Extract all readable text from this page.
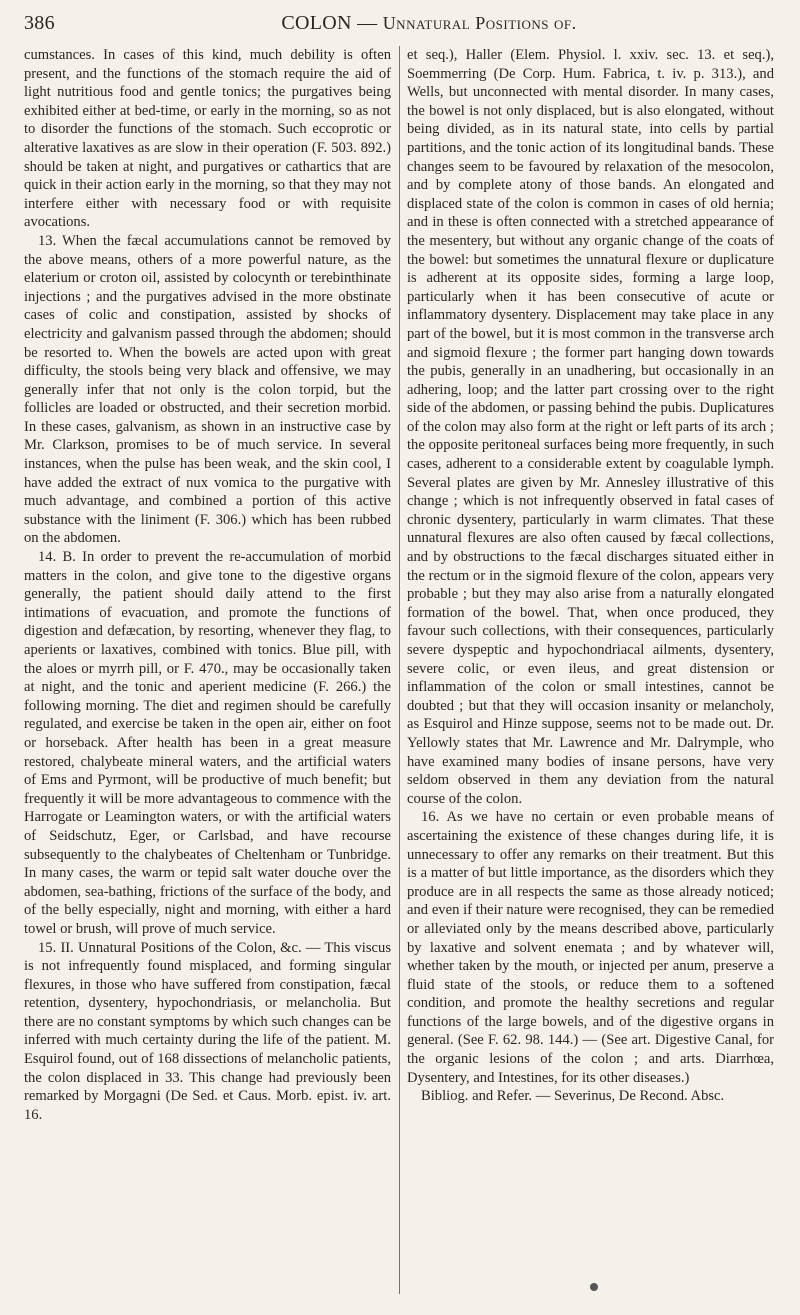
386	COLON — Unnatural Positions of.

cumstances. In cases of this kind, much debility is often present, and the functions of the stomach require the aid of light nutritious food and gentle tonics; the purgatives being exhibited either at bed-time, or early in the morning, so as not to disorder the functions of the stomach. Such eccoprotic or alterative laxatives as are slow in their operation (F. 503. 892.) should be taken at night, and purgatives or cathartics that are quick in their action early in the morning, so that they may not interfere either with necessary food or with requisite avocations.

13. When the fæcal accumulations cannot be removed by the above means, others of a more powerful nature, as the elaterium or croton oil, assisted by colocynth or terebinthinate injections ; and the purgatives advised in the more obstinate cases of colic and constipation, assisted by shocks of electricity and galvanism passed through the abdomen; should be resorted to. When the bowels are acted upon with great difficulty, the stools being very black and offensive, we may generally infer that not only is the colon torpid, but the follicles are loaded or obstructed, and their secretion morbid. In these cases, galvanism, as shown in an instructive case by Mr. Clarkson, promises to be of much service. In several instances, when the pulse has been weak, and the skin cool, I have added the extract of nux vomica to the purgative with much advantage, and combined a portion of this active substance with the liniment (F. 306.) which has been rubbed on the abdomen.

14. B. In order to prevent the re-accumulation of morbid matters in the colon, and give tone to the digestive organs generally, the patient should daily attend to the first intimations of evacuation, and promote the functions of digestion and defæcation, by resorting, whenever they flag, to aperients or laxatives, combined with tonics. Blue pill, with the aloes or myrrh pill, or F. 470., may be occasionally taken at night, and the tonic and aperient medicine (F. 266.) the following morning. The diet and regimen should be carefully regulated, and exercise be taken in the open air, either on foot or horseback. After health has been in a great measure restored, chalybeate mineral waters, and the artificial waters of Ems and Pyrmont, will be productive of much benefit; but frequently it will be more advantageous to commence with the Harrogate or Leamington waters, or with the artificial waters of Seidschutz, Eger, or Carlsbad, and have recourse subsequently to the chalybeates of Cheltenham or Tunbridge. In many cases, the warm or tepid salt water douche over the abdomen, sea-bathing, frictions of the surface of the body, and of the belly especially, night and morning, with either a hard towel or brush, will prove of much service.

15. II. Unnatural Positions of the Colon, &c. — This viscus is not infrequently found misplaced, and forming singular flexures, in those who have suffered from constipation, fæcal retention, dysentery, hypochondriasis, or melancholia. But there are no constant symptoms by which such changes can be inferred with much certainty during the life of the patient. M. Esquirol found, out of 168 dissections of melancholic patients, the colon displaced in 33. This change had previously been remarked by Morgagni (De Sed. et Caus. Morb. epist. iv. art. 16.

et seq.), Haller (Elem. Physiol. l. xxiv. sec. 13. et seq.), Soemmerring (De Corp. Hum. Fabrica, t. iv. p. 313.), and Wells, but unconnected with mental disorder. In many cases, the bowel is not only displaced, but is also elongated, without being divided, as in its natural state, into cells by partial partitions, and the tonic action of its longitudinal bands. These changes seem to be favoured by relaxation of the mesocolon, and by complete atony of those bands. An elongated and displaced state of the colon is common in cases of old hernia; and in these is often connected with a stretched appearance of the mesentery, but without any organic change of the coats of the bowel: but sometimes the unnatural flexure or duplicature is adherent at its opposite sides, forming a large loop, particularly when it has been consecutive of acute or inflammatory dysentery. Displacement may take place in any part of the bowel, but it is most common in the transverse arch and sigmoid flexure ; the former part hanging down towards the pubis, generally in an unadhering, but occasionally in an adhering, loop; and the latter part crossing over to the right side of the abdomen, or passing behind the pubis. Duplicatures of the colon may also form at the right or left parts of its arch ; the opposite peritoneal surfaces being more frequently, in such cases, adherent to a considerable extent by coagulable lymph. Several plates are given by Mr. Annesley illustrative of this change ; which is not infrequently observed in fatal cases of chronic dysentery, particularly in warm climates. That these unnatural flexures are also often caused by fæcal collections, and by obstructions to the fæcal discharges situated either in the rectum or in the sigmoid flexure of the colon, appears very probable ; but they may also arise from a naturally elongated formation of the bowel. That, when once produced, they favour such collections, with their consequences, particularly severe dyspeptic and hypochondriacal ailments, dysentery, severe colic, or even ileus, and great distension or inflammation of the colon or small intestines, cannot be doubted ; but that they will occasion insanity or melancholy, as Esquirol and Hinze suppose, seems not to be made out. Dr. Yellowly states that Mr. Lawrence and Mr. Dalrymple, who have examined many bodies of insane persons, have very seldom observed in them any deviation from the natural course of the colon.

16. As we have no certain or even probable means of ascertaining the existence of these changes during life, it is unnecessary to offer any remarks on their treatment. But this is a matter of but little importance, as the disorders which they produce are in all respects the same as those already noticed; and even if their nature were recognised, they can be remedied or alleviated only by the means described above, particularly by laxative and solvent enemata ; and by whatever will, whether taken by the mouth, or injected per anum, preserve a fluid state of the stools, or reduce them to a softened condition, and promote the healthy secretions and regular functions of the large bowels, and of the digestive organs in general. (See F. 62. 98. 144.) — (See art. Digestive Canal, for the organic lesions of the colon ; and arts. Diarrhœa, Dysentery, and Intestines, for its other diseases.)

Bibliog. and Refer. — Severinus, De Recond. Absc.
